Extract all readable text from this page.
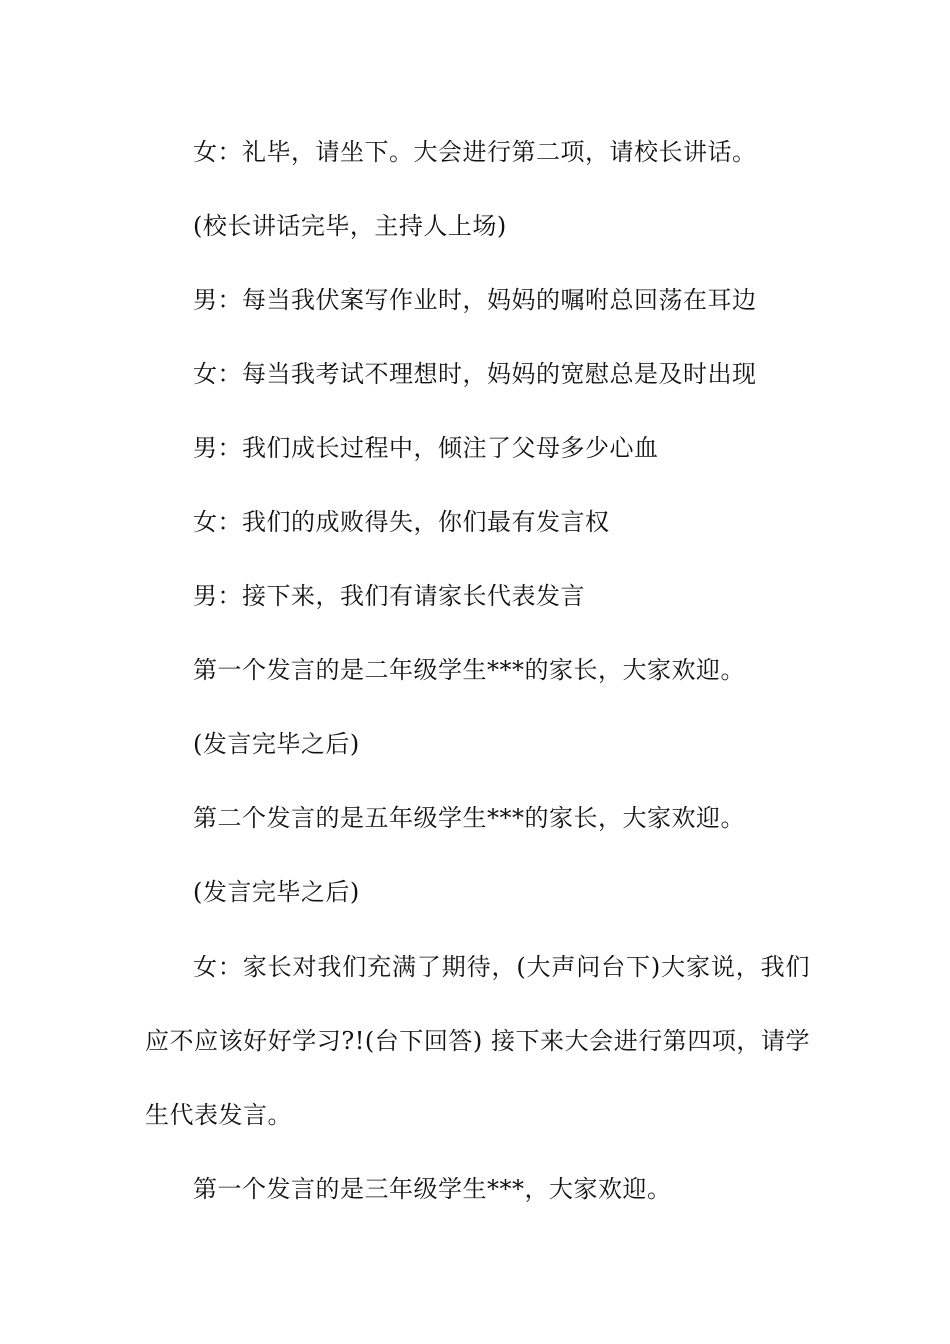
女：礼毕，请坐下。大会进行第二项，请校长讲话。

(校长讲话完毕，主持人上场)

男：每当我伏案写作业时，妈妈的嘱咐总回荡在耳边

女：每当我考试不理想时，妈妈的宽慰总是及时出现

男：我们成长过程中，倾注了父母多少心血

女：我们的成败得失，你们最有发言权

男：接下来，我们有请家长代表发言

第一个发言的是二年级学生***的家长，大家欢迎。

(发言完毕之后)

第二个发言的是五年级学生***的家长，大家欢迎。

(发言完毕之后)

女：家长对我们充满了期待，(大声问台下)大家说，我们应不应该好好学习?!(台下回答) 接下来大会进行第四项，请学生代表发言。

第一个发言的是三年级学生***，大家欢迎。
